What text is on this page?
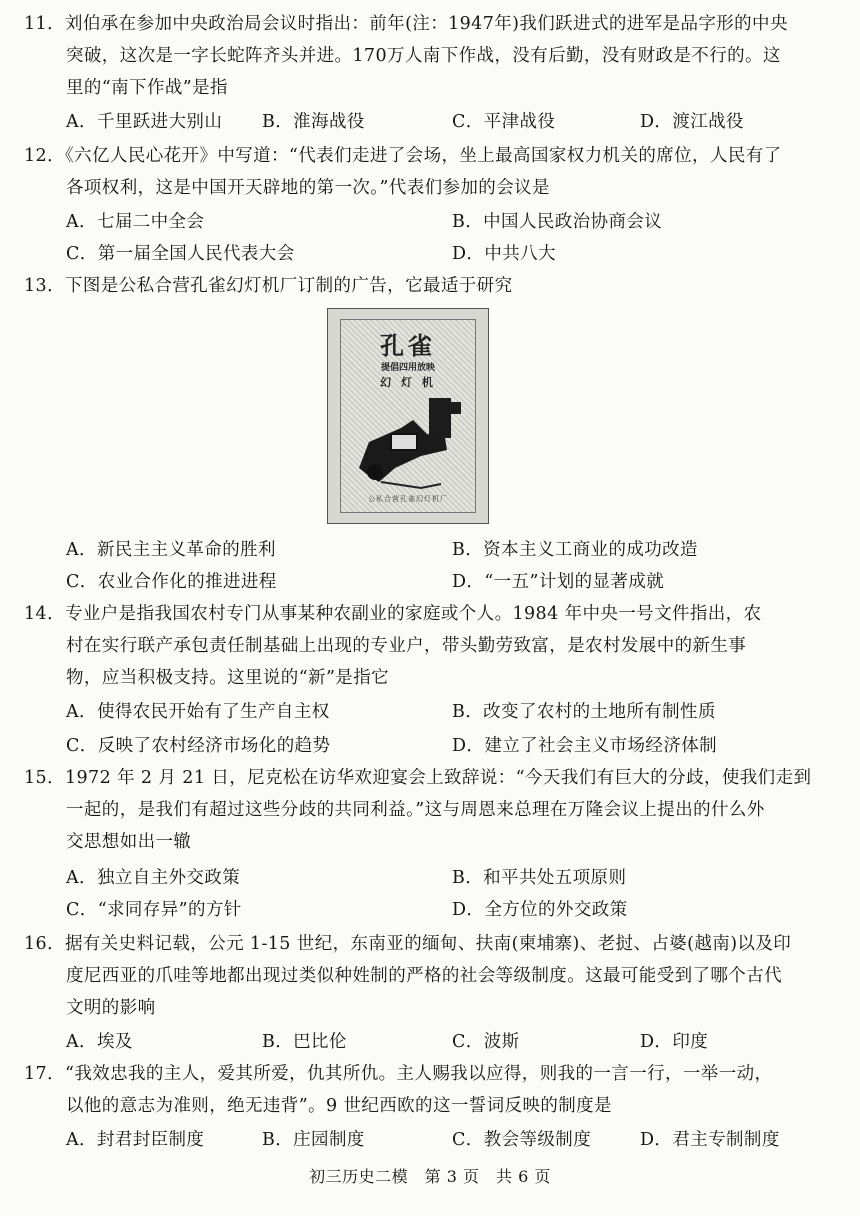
11．刘伯承在参加中央政治局会议时指出：前年(注：1947年)我们跃进式的进军是品字形的中央
突破，这次是一字长蛇阵齐头并进。170万人南下作战，没有后勤，没有财政是不行的。这
里的“南下作战”是指
A．千里跃进大别山 B．淮海战役	C．平津战役	D．渡江战役
12．《六亿人民心花开》中写道：“代表们走进了会场，坐上最高国家权力机关的席位，人民有了
各项权利，这是中国开天辟地的第一次。”代表们参加的会议是
A．七届二中全会	B．中国人民政治协商会议
C．第一届全国人民代表大会	D．中共八大
13．下图是公私合营孔雀幻灯机厂订制的广告，它最适于研究
孔雀
提倡四用放映
幻 灯 机
公私合营孔雀幻灯机厂
A．新民主主义革命的胜利	B．资本主义工商业的成功改造
C．农业合作化的推进进程	D．“一五”计划的显著成就
14．专业户是指我国农村专门从事某种农副业的家庭或个人。1984 年中央一号文件指出，农
村在实行联产承包责任制基础上出现的专业户，带头勤劳致富，是农村发展中的新生事
物，应当积极支持。这里说的“新”是指它
A．使得农民开始有了生产自主权	B．改变了农村的土地所有制性质
C．反映了农村经济市场化的趋势	D．建立了社会主义市场经济体制
15．1972 年 2 月 21 日，尼克松在访华欢迎宴会上致辞说：“今天我们有巨大的分歧，使我们走到
一起的，是我们有超过这些分歧的共同利益。”这与周恩来总理在万隆会议上提出的什么外
交思想如出一辙
A．独立自主外交政策	B．和平共处五项原则
C．“求同存异”的方针	D．全方位的外交政策
16．据有关史料记载，公元 1-15 世纪，东南亚的缅甸、扶南(柬埔寨)、老挝、占婆(越南)以及印
度尼西亚的爪哇等地都出现过类似种姓制的严格的社会等级制度。这最可能受到了哪个古代
文明的影响
A．埃及	B．巴比伦	C．波斯	D．印度
17．“我效忠我的主人，爱其所爱，仇其所仇。主人赐我以应得，则我的一言一行，一举一动，
以他的意志为准则，绝无违背”。9 世纪西欧的这一誓词反映的制度是
A．封君封臣制度	B．庄园制度	C．教会等级制度	D．君主专制制度
初三历史二模　第 3 页　共 6 页
